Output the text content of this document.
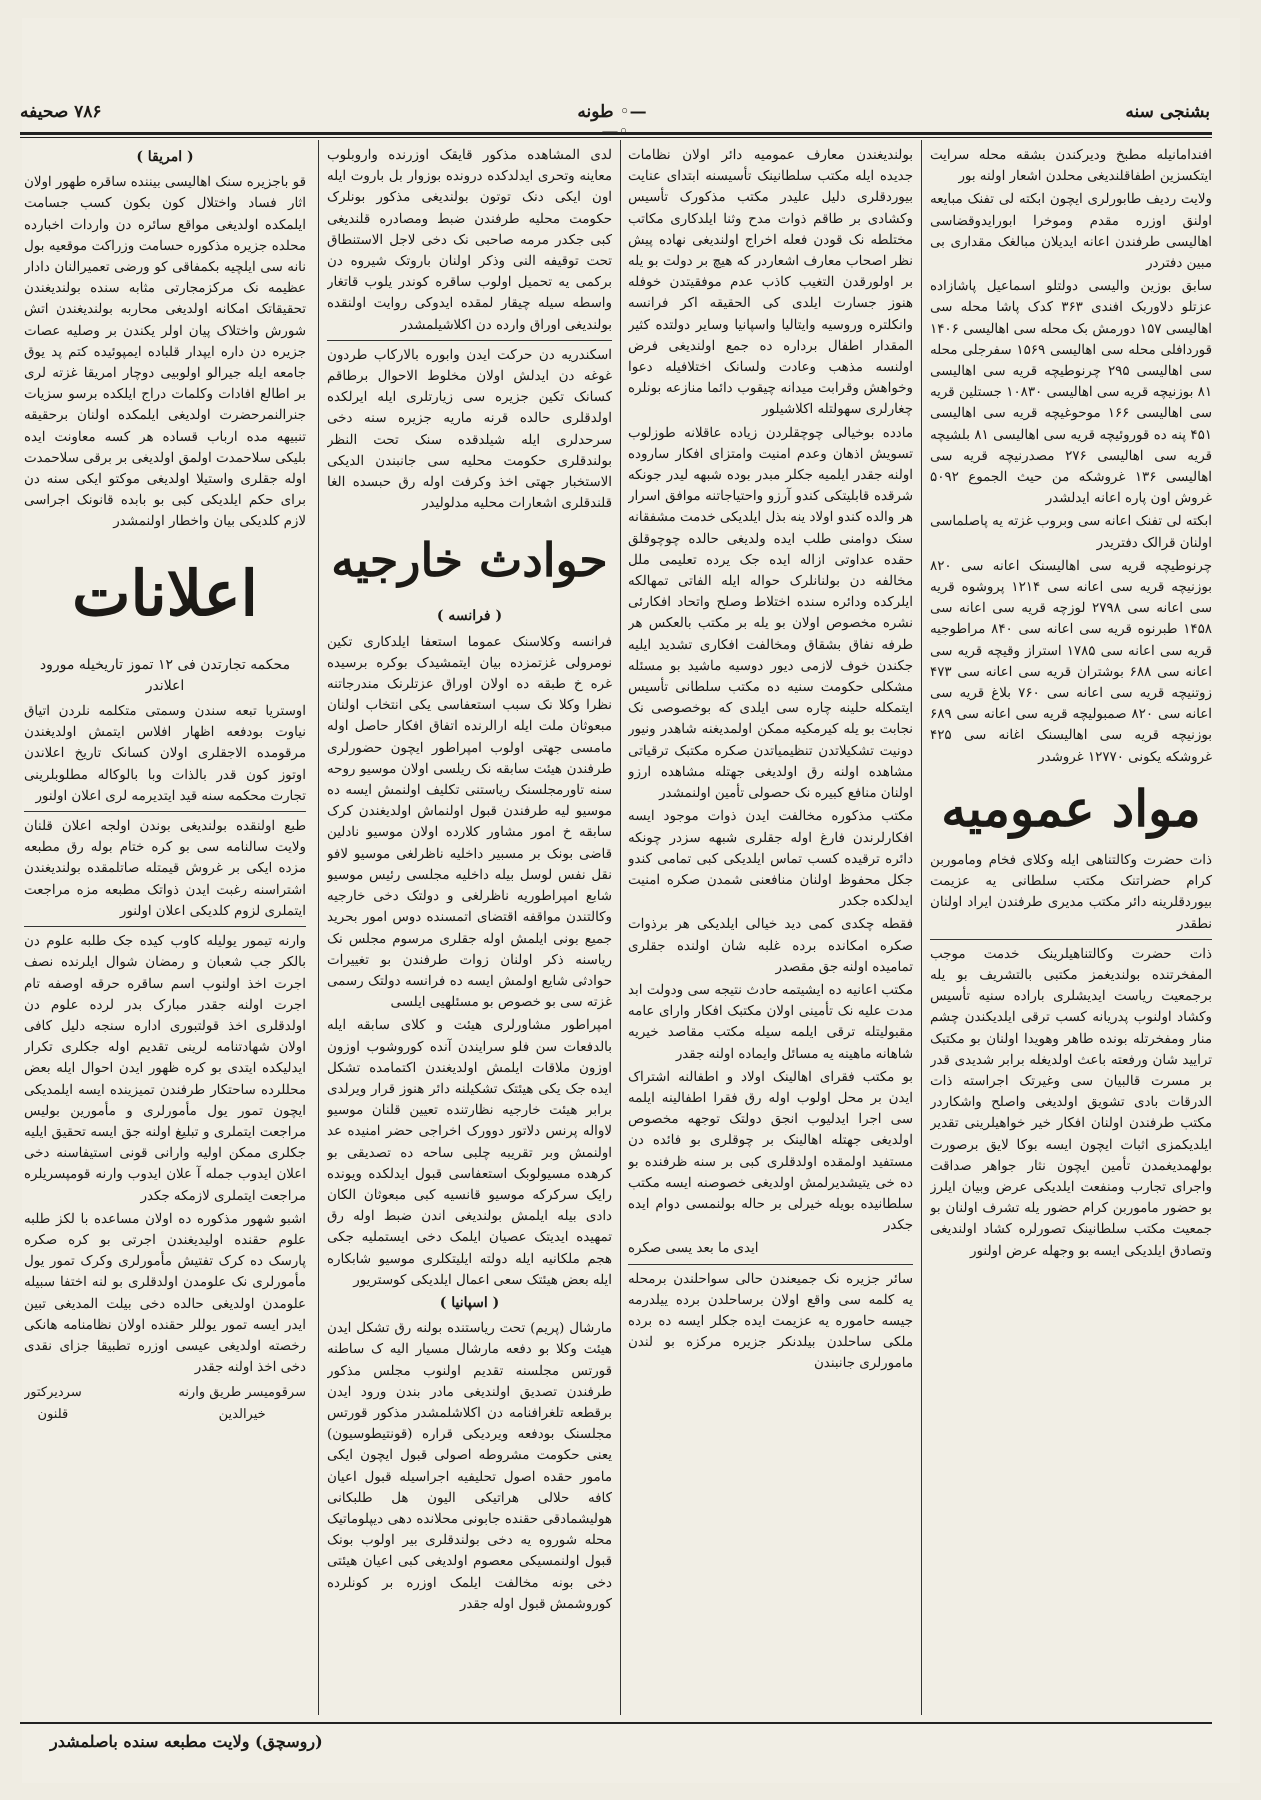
بشنجی سنه
—◦طونه◦—
۷۸۶ صحیفه

افندامانیله مطبخ ودیرکندن بشقه محله سرایت ایتکسزین اطفاقلندیغی محلدن اشعار اولنه بور

ولایت ردیف طابورلری ایچون ابکته لی تفنک مبایعه اولنق اوزره مقدم وموخرا ابورایدوقضاسی اهالیسی طرفندن اعانه ایدیلان مبالغک مقداری بی مبین دفتردر

سابق بوزین والیسی دولتلو اسماعیل پاشازاده عزتلو دلاوربک افندی ۳۶۳ کدک پاشا محله سی اهالیسی ۱۵۷ دورمش بک محله سی اهالیسی ۱۴۰۶ قوردافلی محله سی اهالیسی ۱۵۶۹ سفرجلی محله سی اهالیسی ۲۹۵ چرنوطیچه قریه سی اهالیسی ۸۱ بوزنیچه قریه سی اهالیسی ۱۰۸۳۰ جستلین قریه سی اهالیسی ۱۶۶ موحوغیچه قریه سی اهالیسی ۴۵۱ پنه ده قوروئیچه قریه سی اهالیسی ۸۱ بلشیچه قریه سی اهالیسی ۲۷۶ مصدرنیچه قریه سی اهالیسی ۱۳۶ غروشکه من حیث الجموع ۵۰۹۲ غروش اون پاره اعانه ایدلشدر

ابکته لی تفنک اعانه سی وبروب غزته یه پاصلماسی اولنان قرالک دفتریدر

چرنوطیچه قریه سی اهالیسنک اعانه سی ۸۲۰ بوزنیچه قریه سی اعانه سی ۱۲۱۴ پروشوه قریه سی اعانه سی ۲۷۹۸ لوزچه قریه سی اعانه سی ۱۴۵۸ طبرنوه قریه سی اعانه سی ۸۴۰ مراطوجیه قریه سی اعانه سی ۱۷۸۵ استراز وقیچه قریه سی اعانه سی ۶۸۸ بوشتران قریه سی اعانه سی ۴۷۳ زوتنیچه قریه سی اعانه سی ۷۶۰ بلاغ قریه سی اعانه سی ۸۲۰ صمبولیچه قریه سی اعانه سی ۶۸۹ بوزنیچه قریه سی اهالیسنک اغانه سی ۴۲۵ غروشکه یکونی ۱۲۷۷۰ غروشدر

مواد عموميه

ذات حضرت وکالتناهی ایله وکلای فخام وماموربن کرام حضراتنک مکتب سلطانی یه عزیمت بیوردقلرینه دائر مکتب مدیری طرفندن ایراد اولنان نطقدر

ذات حضرت وکالتناهیلرینک خدمت موجب المفخرتنده بولندیغمز مکتبی بالتشریف بو یله برجمعیت ریاست ایدیشلری باراده سنیه تأسیس وکشاد اولنوب پدریانه کسب ترقی ایلدیکندن چشم منار ومفخرتله بونده طاهر وهویدا اولنان بو مکتبک ترایید شان ورفعته باعث اولدیغله برابر شدیدی قدر بر مسرت قالبیان سی وغیرتک اجراسته ذات الدرقات بادی تشویق اولدیغی واصلح واشکاردر مکتب طرفندن اولنان افکار خیر خواهیلرینی تقدیر ایلدیکمزی اثبات ایچون ایسه بوکا لایق برصورت بولهمدیغمدن تأمین ایچون نثار جواهر صداقت واجرای تجارب ومنفعت ایلدیکی عرض وبیان ایلرز بو حضور ماموربن کرام حضور یله تشرف اولنان بو جمعیت مکتب سلطانینک تصورلره کشاد اولندیغی وتصادق ایلدیکی ایسه بو وجهله عرض اولنور

بولندیغندن معارف عمومیه دائر اولان نظامات جدیده ایله مکتب سلطانینک تأسیسنه ابتدای عنایت بیوردقلری دلیل علیدر مکتب مذکورک تأسیس وکشادی بر طاقم ذوات مدح وثنا ایلدکاری مکاتب مختلطه نک قودن فعله اخراج اولندیغی نهاده پیش نظر اصحاب معارف اشعاردر که هیچ بر دولت بو یله بر اولورقدن التغیب کاذب عدم موفقیتدن خوفله هنوز جسارت ایلدی کی الحقیقه اکر فرانسه وانکلتره وروسیه وایتالیا واسپانیا وسایر دولتده کثیر المقدار اطفال برداره ده جمع اولندیغی فرض اولنسه مذهب وعادت ولسانک اختلافیله دعوا وخواهش وقرابت میدانه چیقوب دائما منازعه بونلره چغارلری سهولتله اکلاشیلور

مادده بوخیالی چوچقلردن زیاده عاقلانه طوزلوب تسویش اذهان وعدم امنیت وامتزای افکار ساروده اولنه جقدر ایلمیه جکلر مبدر بوده شبهه لیدر جونکه شرقده قابلیتکی کندو آرزو واحتیاجاتنه موافق اسرار هر والده کندو اولاد ینه بذل ایلدیکی خدمت مشفقانه سنک دوامنی طلب ایده ولدیغی حالده چوچوقلق حقده عداوتی ازاله ایده جک یرده تعلیمی ملل مخالفه دن بولنانلرک حواله ایله الفاتی تمهالکه ایلرکده ودائره سنده اختلاط وصلح واتحاد افکارئی نشره مخصوص اولان بو یله بر مکتب بالعکس هر طرفه نفاق بشقاق ومخالفت افکاری تشدید ایلیه جکندن خوف لازمی دیور دوسیه ماشید بو مسئله مشکلی حکومت سنیه ده مکتب سلطانی تأسیس ایتمکله حلینه چاره سی ایلدی که بوخصوصی نک نجابت بو یله کیرمکیه ممکن اولمدیغنه شاهدر ونیور دونیت تشکیلاتدن تنظیمیاتدن صکره مکتبک ترقیاتی مشاهده اولنه رق اولدیغی جهتله مشاهده ارزو اولنان منافع کبیره نک حصولی تأمین اولنمشدر

مکتب مذکوره مخالفت ایدن ذوات موجود ایسه افکارلرندن فارغ اوله جقلری شبهه سزدر چونکه دائره ترقیده کسب تماس ایلدیکی کبی تمامی کندو جکل محفوظ اولنان منافعنی شمدن صکره امنیت ایدلکده جکدر

فقطه چکدی کمی دید خیالی ایلدیکی هر برذوات صکره امکانده برده غلبه شان اولنده جقلری تمامیده اولنه جق مقصدر

مکتب اعانیه ده ایشیتمه حادث نتیجه سی ودولت ابد مدت علیه نک تأمینی اولان مکتبک افکار وارای عامه مقبولیتله ترقی ایلمه سیله مکتب مقاصد خیریه شاهانه ماهینه یه مسائل وایماده اولنه جقدر

بو مکتب فقرای اهالینک اولاد و اطفالنه اشتراک ایدن بر محل اولوب اوله رق فقرا اطفالینه ایلمه سی اجرا ایدلیوب انجق دولتک توجهه مخصوص اولدیغی جهتله اهالینک بر چوقلری بو فائده دن مستفید اولمقده اولدقلری کبی بر سنه ظرفنده بو ده خی یتیشدیرلمش اولدیغی خصوصنه ایسه مکتب سلطانیده بویله خیرلی بر حاله بولنمسی دوام ایده جکدر

ایدی ما بعد یسی صکره

سائر جزیره نک جمیعندن حالی سواحلندن برمحله یه کلمه سی واقع اولان برساحلدن برده ییلدرمه جیسه حاموره یه عزیمت ایده جکلر ایسه ده برده ملکی ساحلدن بیلدنکر جزیره مرکزه بو لندن مامورلری جانبندن

لدی المشاهده مذکور قایقک اوزرنده واروبلوب معاینه وتحری ایدلدکده درونده بوزوار بل باروت ایله اون ایکی دنک توتون بولندیغی مذکور بونلرک حکومت محلیه طرفندن ضبط ومصادره قلندیغی کبی جکدر مرمه صاحبی نک دخی لاجل الاستنطاق تحت توقیفه النی وذکر اولنان باروتک شیروه دن برکمی یه تحمیل اولوب ساقره کوندر یلوب قاتغار واسطه سیله چیقار لمقده ایدوکی روایت اولنقده بولندیغی اوراق وارده دن اکلاشیلمشدر

اسکندریه دن حرکت ایدن وابوره بالارکاب طردون غوغه دن ایدلش اولان مخلوط الاحوال برطاقم کسانک تکین جزیره سی زیارتلری ایله ایرلکده اولدقلری حالده قرنه ماریه جزیره سنه دخی سرحدلری ایله شیلدقده سنک تحت النظر بولندقلری حکومت محلیه سی جانبندن الدیکی الاستخبار جهتی اخذ وکرفت اوله رق حبسده الغا قلندقلری اشعارات محلیه مدلولیدر

حوادث خارجیه
( فرانسه )

فرانسه وکلاسنک عموما استعفا ایلدکاری تکین نومرولی غزتمزده بیان ایتمشیدک بوکره برسیده غره خ طبقه ده اولان اوراق عزتلرنک مندرجاتنه نظرا وکلا نک سبب استعفاسی یکی انتخاب اولنان مبعوثان ملت ایله ارالرنده اتفاق افکار حاصل اوله مامسی جهتی اولوب امپراطور ایچون حضورلری طرفندن هیئت سابقه نک ریلسی اولان موسیو روحه سنه تاورمجلسنک ریاستنی تکلیف اولنمش ایسه ده موسیو لیه طرفندن قبول اولنماش اولدیغندن کرک سابقه خ امور مشاور کلارده اولان موسیو نادلین قاضی بونک بر مسبیر داخلیه ناظرلغی موسیو لافو نقل نفس لوسل بیله داخلیه مجلسی رئیس موسیو شابع امپراطوریه ناظرلغی و دولتک دخی خارجیه وکالتندن مواقفه اقتضای اتمسنده دوس امور بحرید جمیع بونی ایلمش اوله جقلری مرسوم مجلس نک ریاسنه ذکر اولنان زوات طرفندن بو تغییرات حوادثی شایع اولمش ایسه ده فرانسه دولتک رسمی غزته سی بو خصوص بو مسئلهیی ایلسی

امپراطور مشاورلری هیئت و کلای سابقه ایله بالدفعات سن فلو سرایندن آنده کوروشوب اوزون اوزون ملاقات ایلمش اولدیغندن اکتمامده تشکل ایده جک یکی هیئتک تشکیلنه دائر هنوز قرار ویرلدی برابر هیئت خارجیه نظارتنده تعیین قلنان موسیو لاواله پرنس دلاتور دوورک اخراجی حضر امنیده عد اولنمش وبر تقریبه چلبی ساحه ده تصدیقی بو کرهده مسیولوبک استعفاسی قبول ایدلکده ویونده رایک سرکرکه موسیو قانسیه کبی مبعوثان الکان دادی بیله ایلمش بولندیغی اندن ضبط اوله رق تمهیده ایدیتک عصیان ایلمک دخی ایستملیه جکی هجم ملکانیه ایله دولته ایلیتکلری موسیو شابکاره ایله بعض هیئتک سعی اعمال ایلدیکی کوستریور

( اسپانیا )

مارشال (پریم) تحت ریاستنده بولنه رق تشکل ایدن هیئت وکلا بو دفعه مارشال مسیار الیه ک ساطنه قورتس مجلسنه تقدیم اولنوب مجلس مذکور طرفندن تصدیق اولندیغی مادر بندن ورود ایدن برقطعه تلغرافنامه دن اکلاشلمشدر مذکور قورتس مجلسنک بودفعه ویردیکی قراره (قونتیطوسیون) یعنی حکومت مشروطه اصولی قبول ایچون ایکی مامور حقده اصول تحلیفیه اجراسیله قبول اعیان کافه حلالی هراتیکی الیون هل طلبکانی هولیشمادقی حقنده جابونی محلانده دهی دیپلوماتیک محله شوروه یه دخی بولندقلری بیر اولوب بونک قبول اولنمسیکی معصوم اولدیغی کبی اعیان هیئتی دخی بونه مخالفت ایلمک اوزره بر کونلرده کوروشمش قبول اوله جقدر

( امریقا )

قو باجزیره سنک اهالیسی بیننده ساقره طهور اولان اثار فساد واختلال کون بکون کسب جسامت ایلمکده اولدیغی مواقع سائره دن واردات اخبارده محلده جزیره مذکوره حسامت وزراکت موقعیه بول نانه سی ایلچیه بکمفاقی کو ورضی تعمیرالنان دادار عظیمه نک مرکزمجارتی مثابه سنده بولندیغندن تحقیقاتک امکانه اولدیغی محاربه بولندیغندن اتش شورش واختلاک پیان اولر یکندن بر وصلیه عصات جزیره دن داره ایپدار قلباده ایمپوئیده کتم پد یوق جامعه ایله جیرالو اولوبیی دوچار امریقا غزته لری بر اطالع افادات وکلمات دراج ایلکده برسو سزیات جنرالنمرحضرت اولدیغی ایلمکده اولنان برحقیقه تنبیهه مده ارباب قساده هر کسه معاونت ایده بلیکی سلاحمدت اولمق اولدیغی بر برقی سلاحمدت اوله جقلری واستیلا اولدیغی موکتو ایکی سنه دن برای حکم ایلدیکی کبی بو بابده قانونک اجراسی لازم کلدیکی بیان واخطار اولنمشدر

اعلانات
محکمه تجارتدن فی ۱۲ تموز تاریخیله مورود اعلاندر

اوستریا تبعه سندن وسمتی متکلمه نلردن اتیاق نیاوت بودفعه اظهار افلاس ایتمش اولدیغندن مرقومده الاجقلری اولان کسانک تاریخ اعلاندن اوتوز کون قدر بالذات وبا بالوکاله مطلوبلرینی تجارت محکمه سنه قید ایتدیرمه لری اعلان اولنور

طبع اولنقده بولندیغی بوندن اولجه اعلان قلنان ولایت سالنامه سی بو کره ختام بوله رق مطبعه مزده ایکی بر غروش قیمتله صاتلمقده بولندیغندن اشتراسنه رغبت ایدن ذواتک مطبعه مزه مراجعت ایتملری لزوم کلدیکی اعلان اولنور

وارنه تیمور یولیله کاوب کیده جک طلبه علوم دن بالکر جب شعبان و رمضان شوال ایلرنده نصف اجرت اخذ اولنوب اسم ساقره حرقه اوصفه تام اجرت اولنه جقدر مبارک بدر لرده علوم دن اولدقلری اخذ قولتبوری اداره سنجه دلیل کافی اولان شهادتنامه لرینی تقدیم اوله جکلری تکرار ایدلیکده ایتدی بو کره ظهور ایدن احوال ایله بعض محللرده ساحتکار طرفندن تمیزینده ایسه ایلمدیکی ایچون تمور یول مأمورلری و مأمورین بولیس مراجعت ایتملری و تبلیغ اولنه جق ایسه تحقیق ایلیه جکلری ممکن اولیه وارانی قونی استیفاسنه دخی اعلان ایدوب جمله آ علان ایدوب وارنه قومپسریلره مراجعت ایتملری لازمکه جکدر

اشبو شهور مذکوره ده اولان مساعده با لکز طلبه علوم حقنده اولیدیغندن اجرتی بو کره صکره پارسک ده کرک تفتیش مأمورلری وکرک تمور یول مأمورلری نک علومدن اولدقلری بو لنه اختفا سبیله علومدن اولدیغی حالده دخی بیلت المدیغی تبین ایدر ایسه تمور یوللر حقنده اولان نظامنامه هانکی رخصته اولدیغی عیسی اوزره تطبیقا جزای نقدی دخی اخذ اولنه جقدر

سرقومیسر طریق وارنه
خیرالدین
سردیرکتور
قلنون
(روسچق) ولایت مطبعه سنده باصلمشدر
